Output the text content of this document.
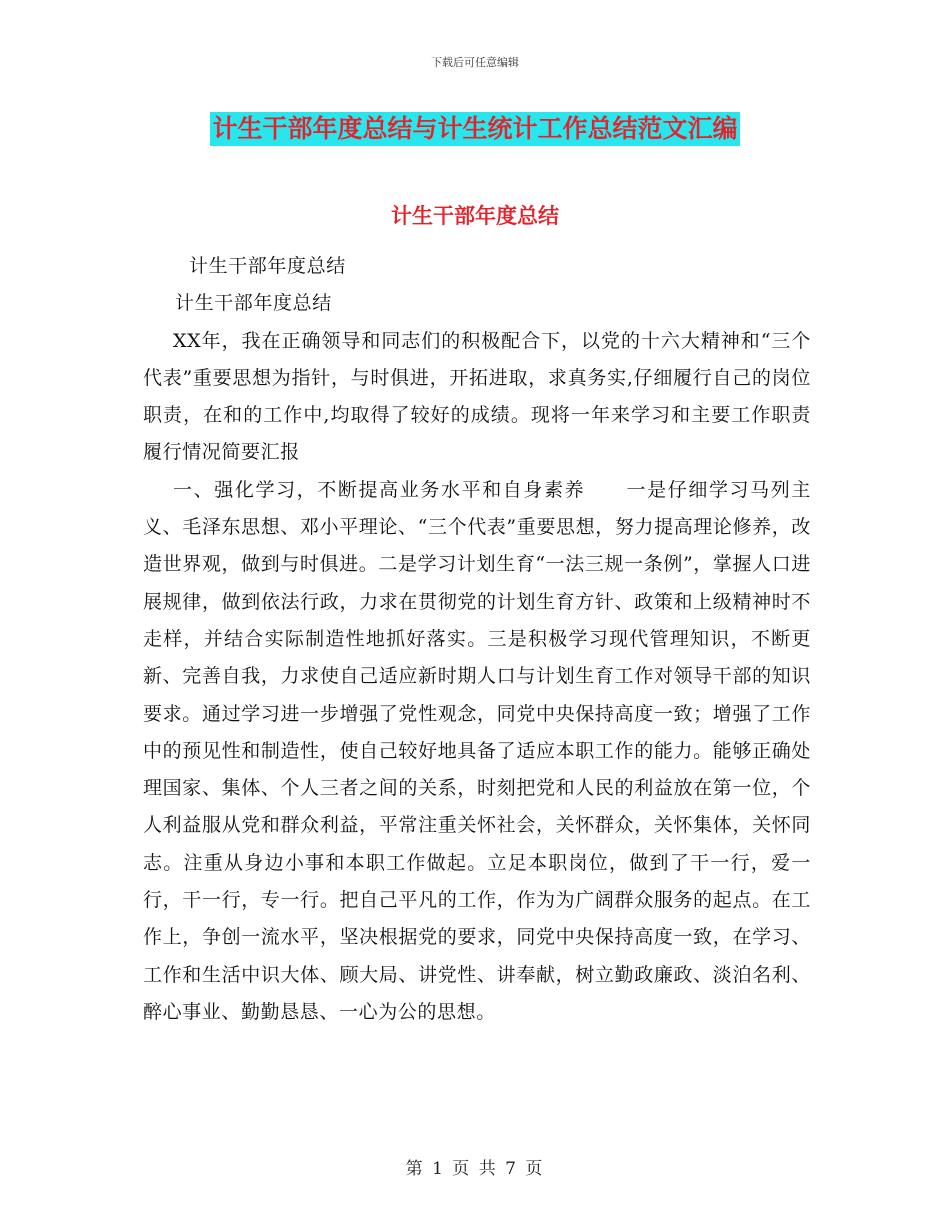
下载后可任意编辑
计生干部年度总结与计生统计工作总结范文汇编
计生干部年度总结

计生干部年度总结

计生干部年度总结

XX年，我在正确领导和同志们的积极配合下，以党的十六大精神和“三个代表”重要思想为指针，与时俱进，开拓进取，求真务实,仔细履行自己的岗位职责，在和的工作中,均取得了较好的成绩。现将一年来学习和主要工作职责履行情况简要汇报

一、强化学习，不断提高业务水平和自身素养　　一是仔细学习马列主义、毛泽东思想、邓小平理论、“三个代表”重要思想，努力提高理论修养，改造世界观，做到与时俱进。二是学习计划生育“一法三规一条例”，掌握人口进展规律，做到依法行政，力求在贯彻党的计划生育方针、政策和上级精神时不走样，并结合实际制造性地抓好落实。三是积极学习现代管理知识，不断更新、完善自我，力求使自己适应新时期人口与计划生育工作对领导干部的知识要求。通过学习进一步增强了党性观念，同党中央保持高度一致；增强了工作中的预见性和制造性，使自己较好地具备了适应本职工作的能力。能够正确处理国家、集体、个人三者之间的关系，时刻把党和人民的利益放在第一位，个人利益服从党和群众利益，平常注重关怀社会，关怀群众，关怀集体，关怀同志。注重从身边小事和本职工作做起。立足本职岗位，做到了干一行，爱一行，干一行，专一行。把自己平凡的工作，作为为广阔群众服务的起点。在工作上，争创一流水平，坚决根据党的要求，同党中央保持高度一致，在学习、工作和生活中识大体、顾大局、讲党性、讲奉献，树立勤政廉政、淡泊名利、醉心事业、勤勤恳恳、一心为公的思想。

第 1 页 共 7 页
